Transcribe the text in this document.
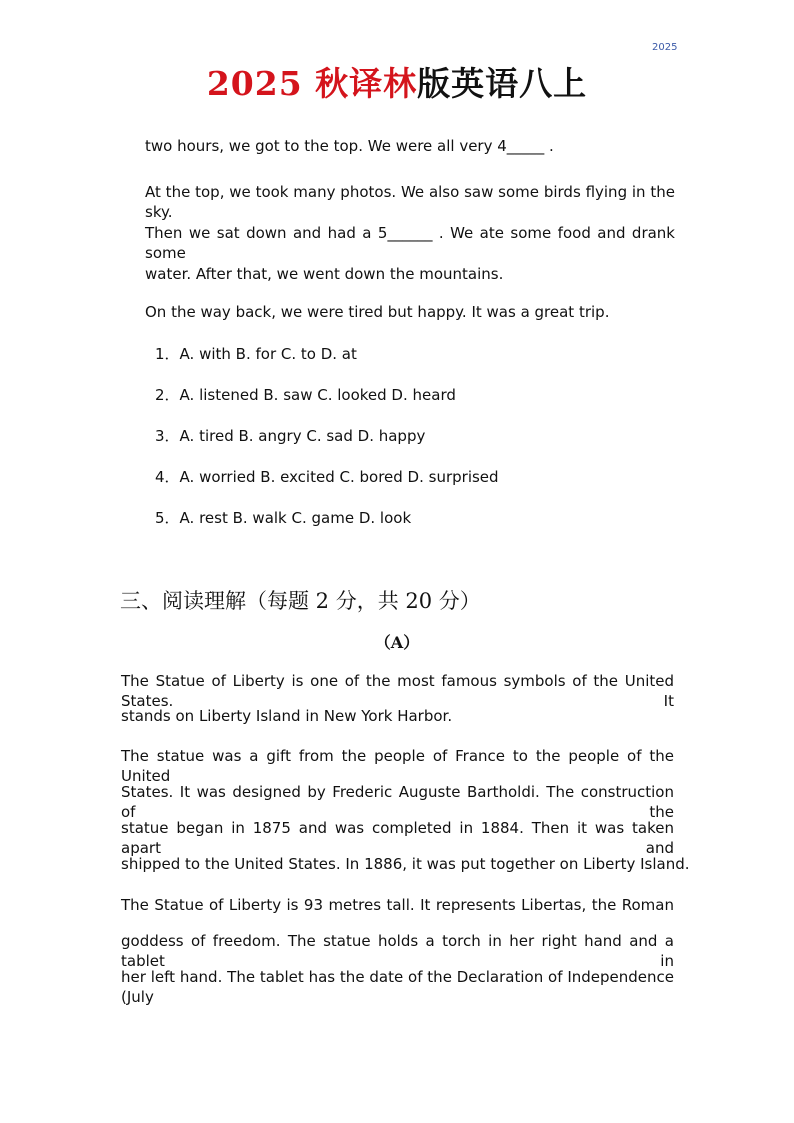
2025
2025 秋译林版英语八上
two hours, we got to the top. We were all very 4_____ .
At the top, we took many photos. We also saw some birds flying in the sky.
Then we sat down and had a 5______ . We ate some food and drank some
water. After that, we went down the mountains.
On the way back, we were tired but happy. It was a great trip.
1．A. with B. for C. to D. at
2．A. listened B. saw C. looked D. heard
3．A. tired B. angry C. sad D. happy
4．A. worried B. excited C. bored D. surprised
5．A. rest B. walk C. game D. look
三、阅读理解（每题 2 分，共 20 分）
（A）
The Statue of Liberty is one of the most famous symbols of the United States. It
stands on Liberty Island in New York Harbor.
The statue was a gift from the people of France to the people of the United
States. It was designed by Frederic Auguste Bartholdi. The construction of the
statue began in 1875 and was completed in 1884. Then it was taken apart and
shipped to the United States. In 1886, it was put together on Liberty Island.
The Statue of Liberty is 93 metres tall. It represents Libertas, the Roman
goddess of freedom. The statue holds a torch in her right hand and a tablet in
her left hand. The tablet has the date of the Declaration of Independence (July
